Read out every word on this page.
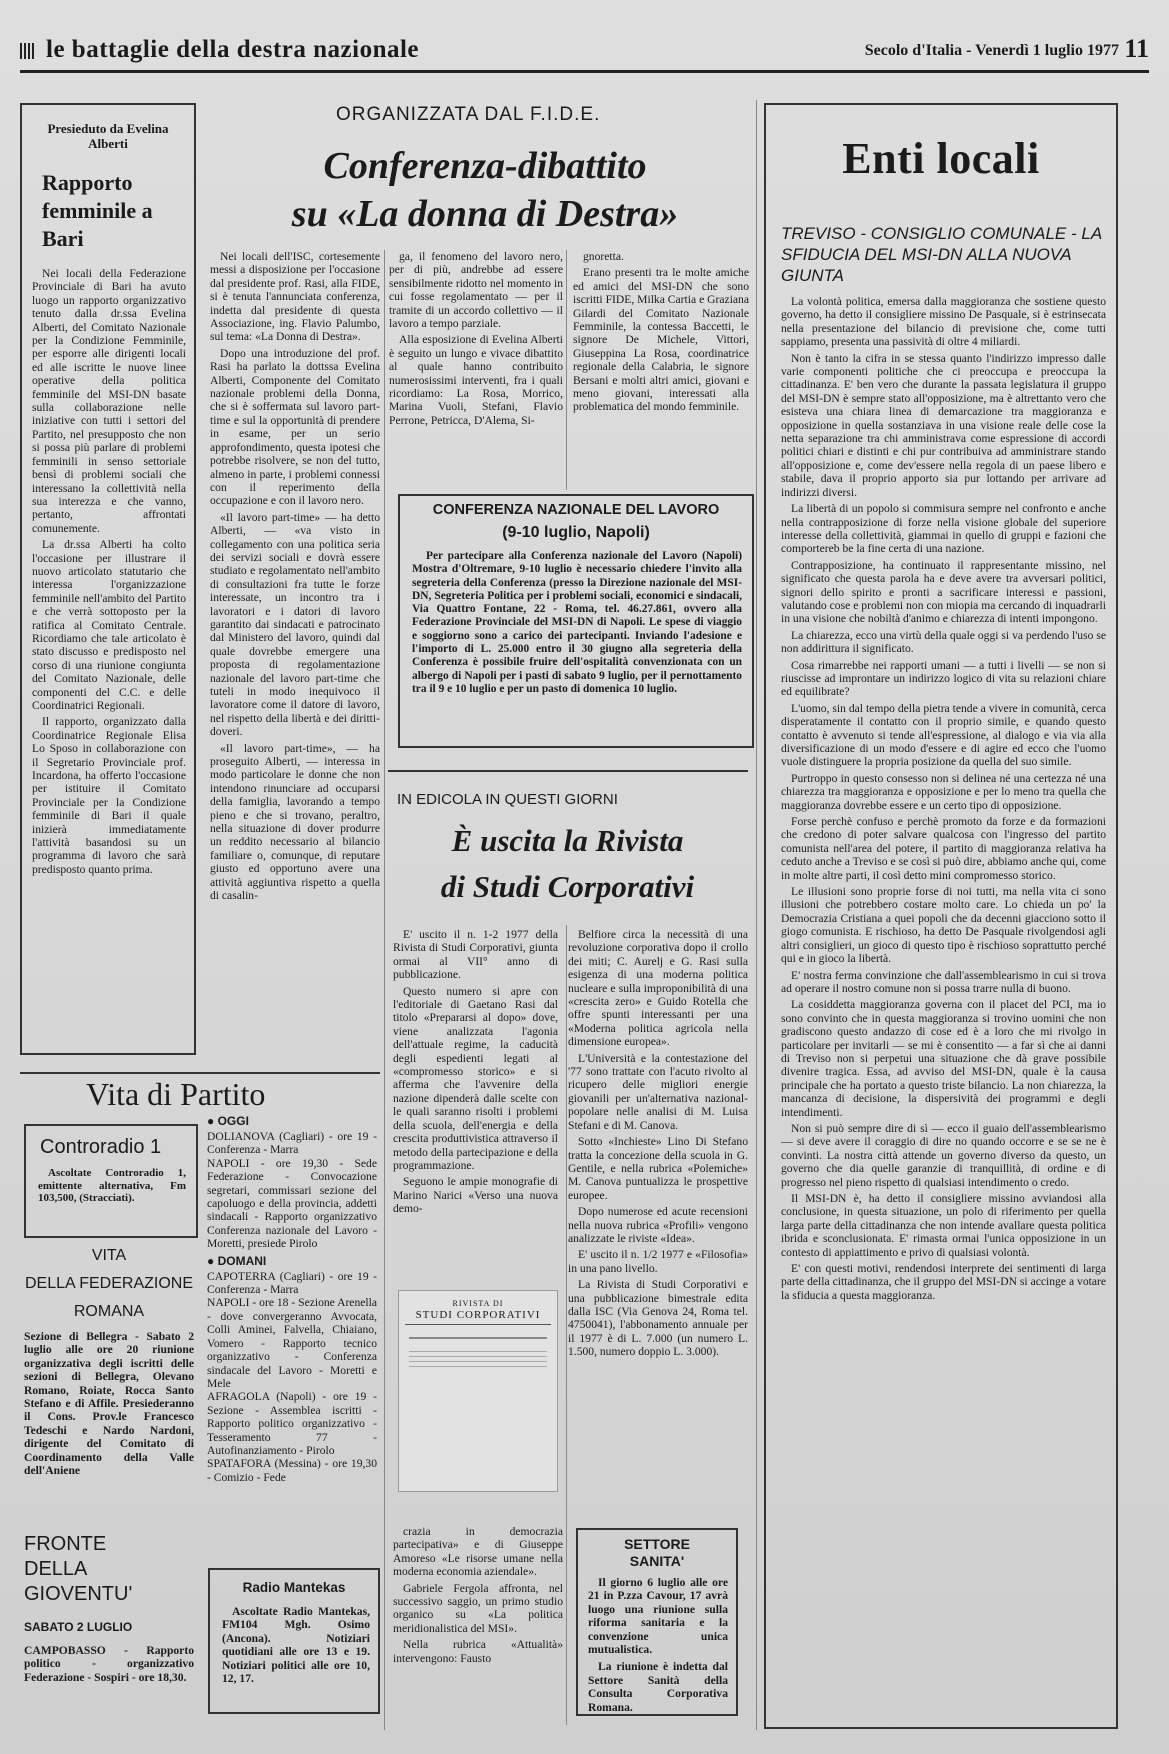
le battaglie della destra nazionale	Secolo d'Italia - Venerdì 1 luglio 1977 11
Presieduto da Evelina Alberti
Rapporto femminile a Bari

Nei locali della Federazione Provinciale di Bari ha avuto luogo un rapporto organizzativo tenuto dalla dr.ssa Evelina Alberti, del Comitato Nazionale per la Condizione Femminile, per esporre alle dirigenti locali ed alle iscritte le nuove linee operative della politica femminile del MSI-DN basate sulla collaborazione nelle iniziative con tutti i settori del Partito, nel presupposto che non si possa più parlare di problemi femminili in senso settoriale bensì di problemi sociali che interessano la collettività nella sua interezza e che vanno, pertanto, affrontati comunemente.

La dr.ssa Alberti ha colto l'occasione per illustrare il nuovo articolato statutario che interessa l'organizzazione femminile nell'ambito del Partito e che verrà sottoposto per la ratifica al Comitato Centrale. Ricordiamo che tale articolato è stato discusso e predisposto nel corso di una riunione congiunta del Comitato Nazionale, delle componenti del C.C. e delle Coordinatrici Regionali.

Il rapporto, organizzato dalla Coordinatrice Regionale Elisa Lo Sposo in collaborazione con il Segretario Provinciale prof. Incardona, ha offerto l'occasione per istituire il Comitato Provinciale per la Condizione femminile di Bari il quale inizierà immediatamente l'attività basandosi su un programma di lavoro che sarà predisposto quanto prima.

ORGANIZZATA DAL F.I.D.E.
Conferenza-dibattito
su «La donna di Destra»

Nei locali dell'ISC, cortesemente messi a disposizione per l'occasione dal presidente prof. Rasi, alla FIDE, si è tenuta l'annunciata conferenza, indetta dal presidente di questa Associazione, ing. Flavio Palumbo, sul tema: «La Donna di Destra».

Dopo una introduzione del prof. Rasi ha parlato la dottssa Evelina Alberti, Componente del Comitato nazionale problemi della Donna, che si è soffermata sul lavoro part-time e sul la opportunità di prendere in esame, per un serio approfondimento, questa ipotesi che potrebbe risolvere, se non del tutto, almeno in parte, i problemi connessi con il reperimento della occupazione e con il lavoro nero.

«Il lavoro part-time» — ha detto Alberti, — «va visto in collegamento con una politica seria dei servizi sociali e dovrà essere studiato e regolamentato nell'ambito di consultazioni fra tutte le forze interessate, un incontro tra i lavoratori e i datori di lavoro garantito dai sindacati e patrocinato dal Ministero del lavoro, quindi dal quale dovrebbe emergere una proposta di regolamentazione nazionale del lavoro part-time che tuteli in modo inequivoco il lavoratore come il datore di lavoro, nel rispetto della libertà e dei diritti-doveri.

«Il lavoro part-time», — ha proseguito Alberti, — interessa in modo particolare le donne che non intendono rinunciare ad occuparsi della famiglia, lavorando a tempo pieno e che si trovano, peraltro, nella situazione di dover produrre un reddito necessario al bilancio familiare o, comunque, di reputare giusto ed opportuno avere una attività aggiuntiva rispetto a quella di casalin-

ga, il fenomeno del lavoro nero, per di più, andrebbe ad essere sensibilmente ridotto nel momento in cui fosse regolamentato — per il tramite di un accordo collettivo — il lavoro a tempo parziale.

Alla esposizione di Evelina Alberti è seguito un lungo e vivace dibattito al quale hanno contribuito numerosissimi interventi, fra i quali ricordiamo: La Rosa, Morrico, Marina Vuoli, Stefani, Flavio Perrone, Petricca, D'Alema, Si-

gnoretta.

Erano presenti tra le molte amiche ed amici del MSI-DN che sono iscritti FIDE, Milka Cartia e Graziana Gilardi del Comitato Nazionale Femminile, la contessa Baccetti, le signore De Michele, Vittori, Giuseppina La Rosa, coordinatrice regionale della Calabria, le signore Bersani e molti altri amici, giovani e meno giovani, interessati alla problematica del mondo femminile.

CONFERENZA NAZIONALE DEL LAVORO
(9-10 luglio, Napoli)

Per partecipare alla Conferenza nazionale del Lavoro (Napoli) Mostra d'Oltremare, 9-10 luglio è necessario chiedere l'invito alla segreteria della Conferenza (presso la Direzione nazionale del MSI-DN, Segreteria Politica per i problemi sociali, economici e sindacali, Via Quattro Fontane, 22 - Roma, tel. 46.27.861, ovvero alla Federazione Provinciale del MSI-DN di Napoli. Le spese di viaggio e soggiorno sono a carico dei partecipanti. Inviando l'adesione e l'importo di L. 25.000 entro il 30 giugno alla segreteria della Conferenza è possibile fruire dell'ospitalità convenzionata con un albergo di Napoli per i pasti di sabato 9 luglio, per il pernottamento tra il 9 e 10 luglio e per un pasto di domenica 10 luglio.

IN EDICOLA IN QUESTI GIORNI
È uscita la Rivista
di Studi Corporativi

E' uscito il n. 1-2 1977 della Rivista di Studi Corporativi, giunta ormai al VII° anno di pubblicazione.

Questo numero si apre con l'editoriale di Gaetano Rasi dal titolo «Prepararsi al dopo» dove, viene analizzata l'agonia dell'attuale regime, la caducità degli espedienti legati al «compromesso storico» e si afferma che l'avvenire della nazione dipenderà dalle scelte con le quali saranno risolti i problemi della scuola, dell'energia e della crescita produttivistica attraverso il metodo della partecipazione e della programmazione.

Seguono le ampie monografie di Marino Narici «Verso una nuova demo-

Belfiore circa la necessità di una revoluzione corporativa dopo il crollo dei miti; C. Aurelj e G. Rasi sulla esigenza di una moderna politica nucleare e sulla improponibilità di una «crescita zero» e Guido Rotella che offre spunti interessanti per una «Moderna politica agricola nella dimensione europea».

L'Università e la contestazione del '77 sono trattate con l'acuto rivolto al ricupero delle migliori energie giovanili per un'alternativa nazional-popolare nelle analisi di M. Luisa Stefani e di M. Canova.

Sotto «Inchieste» Lino Di Stefano tratta la concezione della scuola in G. Gentile, e nella rubrica «Polemiche» M. Canova puntualizza le prospettive europee.

Dopo numerose ed acute recensioni nella nuova rubrica «Profili» vengono analizzate le riviste «Idea».

E' uscito il n. 1/2 1977 e «Filosofia» in una pano livello.

La Rivista di Studi Corporativi e una pubblicazione bimestrale edita dalla ISC (Via Genova 24, Roma tel. 4750041), l'abbonamento annuale per il 1977 è di L. 7.000 (un numero L. 1.500, numero doppio L. 3.000).

RIVISTA DI
STUDI CORPORATIVI

crazia in democrazia partecipativa» e di Giuseppe Amoreso «Le risorse umane nella moderna economia aziendale».

Gabriele Fergola affronta, nel successivo saggio, un primo studio organico su «La politica meridionalistica del MSI».

Nella rubrica «Attualità» intervengono: Fausto

SETTORE SANITA'

Il giorno 6 luglio alle ore 21 in P.zza Cavour, 17 avrà luogo una riunione sulla riforma sanitaria e la convenzione unica mutualistica.

La riunione è indetta dal Settore Sanità della Consulta Corporativa Romana.

Enti locali
TREVISO - CONSIGLIO COMUNALE - LA SFIDUCIA DEL MSI-DN ALLA NUOVA GIUNTA

La volontà politica, emersa dalla maggioranza che sostiene questo governo, ha detto il consigliere missino De Pasquale, si è estrinsecata nella presentazione del bilancio di previsione che, come tutti sappiamo, presenta una passività di oltre 4 miliardi.

Non è tanto la cifra in se stessa quanto l'indirizzo impresso dalle varie componenti politiche che ci preoccupa e preoccupa la cittadinanza. E' ben vero che durante la passata legislatura il gruppo del MSI-DN è sempre stato all'opposizione, ma è altrettanto vero che esisteva una chiara linea di demarcazione tra maggioranza e opposizione in quella sostanziava in una visione reale delle cose la netta separazione tra chi amministrava come espressione di accordi politici chiari e distinti e chi pur contribuiva ad amministrare stando all'opposizione e, come dev'essere nella regola di un paese libero e stabile, dava il proprio apporto sia pur lottando per arrivare ad indirizzi diversi.

La libertà di un popolo si commisura sempre nel confronto e anche nella contrapposizione di forze nella visione globale del superiore interesse della collettività, giammai in quello di gruppi e fazioni che comportereb be la fine certa di una nazione.

Contrapposizione, ha continuato il rappresentante missino, nel significato che questa parola ha e deve avere tra avversari politici, signori dello spirito e pronti a sacrificare interessi e passioni, valutando cose e problemi non con miopia ma cercando di inquadrarli in una visione che nobiltà d'animo e chiarezza di intenti impongono.

La chiarezza, ecco una virtù della quale oggi si va perdendo l'uso se non addirittura il significato.

Cosa rimarrebbe nei rapporti umani — a tutti i livelli — se non si riuscisse ad improntare un indirizzo logico di vita su relazioni chiare ed equilibrate?

L'uomo, sin dal tempo della pietra tende a vivere in comunità, cerca disperatamente il contatto con il proprio simile, e quando questo contatto è avvenuto si tende all'espressione, al dialogo e via via alla diversificazione di un modo d'essere e di agire ed ecco che l'uomo vuole distinguere la propria posizione da quella del suo simile.

Purtroppo in questo consesso non si delinea né una certezza né una chiarezza tra maggioranza e opposizione e per lo meno tra quella che maggioranza dovrebbe essere e un certo tipo di opposizione.

Forse perchè confuso e perchè promoto da forze e da formazioni che credono di poter salvare qualcosa con l'ingresso del partito comunista nell'area del potere, il partito di maggioranza relativa ha ceduto anche a Treviso e se così si può dire, abbiamo anche qui, come in molte altre parti, il così detto mini compromesso storico.

Le illusioni sono proprie forse di noi tutti, ma nella vita ci sono illusioni che potrebbero costare molto care. Lo chieda un po' la Democrazia Cristiana a quei popoli che da decenni giacciono sotto il giogo comunista. E rischioso, ha detto De Pasquale rivolgendosi agli altri consiglieri, un gioco di questo tipo è rischioso soprattutto perché qui e in gioco la libertà.

E' nostra ferma convinzione che dall'assemblearismo in cui si trova ad operare il nostro comune non si possa trarre nulla di buono.

La cosiddetta maggioranza governa con il placet del PCI, ma io sono convinto che in questa maggioranza si trovino uomini che non gradiscono questo andazzo di cose ed è a loro che mi rivolgo in particolare per invitarli — se mi è consentito — a far sì che ai danni di Treviso non si perpetui una situazione che dà grave possibile divenire tragica. Essa, ad avviso del MSI-DN, quale è la causa principale che ha portato a questo triste bilancio. La non chiarezza, la mancanza di decisione, la dispersività dei programmi e degli intendimenti.

Non si può sempre dire di sì — ecco il guaio dell'assemblearismo — si deve avere il coraggio di dire no quando occorre e se se ne è convinti. La nostra città attende un governo diverso da questo, un governo che dia quelle garanzie di tranquillità, di ordine e di progresso nel pieno rispetto di qualsiasi intendimento o credo.

Il MSI-DN è, ha detto il consigliere missino avviandosi alla conclusione, in questa situazione, un polo di riferimento per quella larga parte della cittadinanza che non intende avallare questa politica ibrida e sconclusionata. E' rimasta ormai l'unica opposizione in un contesto di appiattimento e privo di qualsiasi volontà.

E' con questi motivi, rendendosi interprete dei sentimenti di larga parte della cittadinanza, che il gruppo del MSI-DN si accinge a votare la sfiducia a questa maggioranza.

Vita di Partito
Controradio 1

Ascoltate Controradio 1, emittente alternativa, Fm 103,500, (Stracciati).

VITA
DELLA FEDERAZIONE
ROMANA

Sezione di Bellegra - Sabato 2 luglio alle ore 20 riunione organizzativa degli iscritti delle sezioni di Bellegra, Olevano Romano, Roiate, Rocca Santo Stefano e di Affile. Presiederanno il Cons. Prov.le Francesco Tedeschi e Nardo Nardoni, dirigente del Comitato di Coordinamento della Valle dell'Aniene

FRONTE
DELLA
GIOVENTU'
SABATO 2 LUGLIO

CAMPOBASSO - Rapporto politico - organizzativo Federazione - Sospiri - ore 18,30.

● OGGI

DOLIANOVA (Cagliari) - ore 19 - Conferenza - Marra
NAPOLI - ore 19,30 - Sede Federazione - Convocazione segretari, commissari sezione del capoluogo e della provincia, addetti sindacali - Rapporto organizzativo Conferenza nazionale del Lavoro - Moretti, presiede Pirolo

● DOMANI

CAPOTERRA (Cagliari) - ore 19 - Conferenza - Marra
NAPOLI - ore 18 - Sezione Arenella - dove convergeranno Avvocata, Colli Aminei, Falvella, Chiaiano, Vomero - Rapporto tecnico organizzativo - Conferenza sindacale del Lavoro - Moretti e Mele
AFRAGOLA (Napoli) - ore 19 - Sezione - Assemblea iscritti - Rapporto politico organizzativo - Tesseramento 77 - Autofinanziamento - Pirolo
SPATAFORA (Messina) - ore 19,30 - Comizio - Fede

Radio Mantekas

Ascoltate Radio Mantekas, FM104 Mgh. Osimo (Ancona). Notiziari quotidiani alle ore 13 e 19. Notiziari politici alle ore 10, 12, 17.
